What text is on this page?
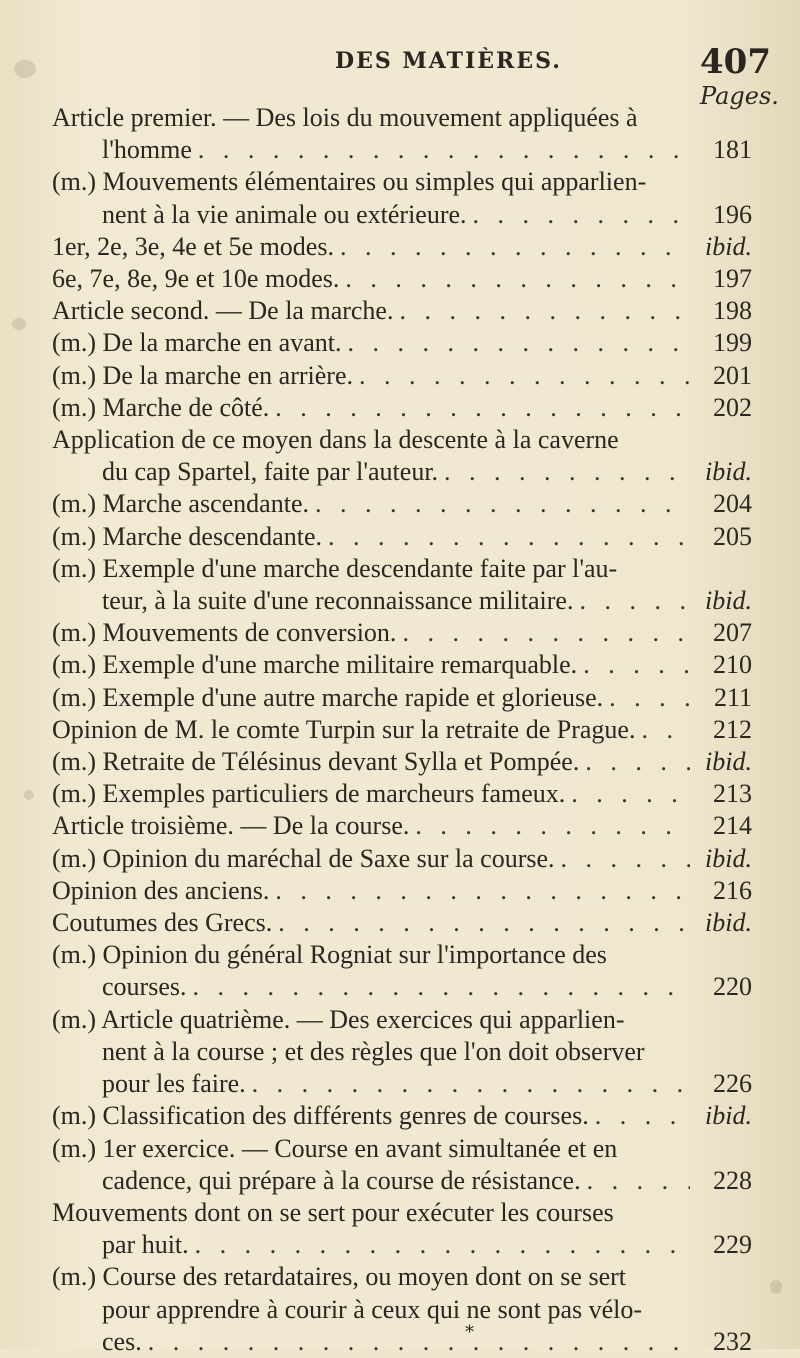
DES MATIÈRES.	407
Pages.
Article premier. — Des lois du mouvement appliquées à
l'homme . . .	181
(m.) Mouvements élémentaires ou simples qui apparlien-
nent à la vie animale ou extérieure. . . .	196
1er, 2e, 3e, 4e et 5e modes. . . .	ibid.
6e, 7e, 8e, 9e et 10e modes. . . .	197
Article second. — De la marche. . . .	198
(m.) De la marche en avant. . . .	199
(m.) De la marche en arrière. . . .	201
(m.) Marche de côté. . . .	202
Application de ce moyen dans la descente à la caverne
du cap Spartel, faite par l'auteur. . . .	ibid.
(m.) Marche ascendante. . . .	204
(m.) Marche descendante. . . .	205
(m.) Exemple d'une marche descendante faite par l'au-
teur, à la suite d'une reconnaissance militaire. . . .	ibid.
(m.) Mouvements de conversion. . . .	207
(m.) Exemple d'une marche militaire remarquable. . . .	210
(m.) Exemple d'une autre marche rapide et glorieuse. . . .	211
Opinion de M. le comte Turpin sur la retraite de Prague. . . .	212
(m.) Retraite de Télésinus devant Sylla et Pompée. . . .	ibid.
(m.) Exemples particuliers de marcheurs fameux. . . .	213
Article troisième. — De la course. . . .	214
(m.) Opinion du maréchal de Saxe sur la course. . . .	ibid.
Opinion des anciens. . . .	216
Coutumes des Grecs. . . .	ibid.
(m.) Opinion du général Rogniat sur l'importance des
courses. . . .	220
(m.) Article quatrième. — Des exercices qui apparlien-
nent à la course ; et des règles que l'on doit observer
pour les faire. . . .	226
(m.) Classification des différents genres de courses. . . .	ibid.
(m.) 1er exercice. — Course en avant simultanée et en
cadence, qui prépare à la course de résistance. . . .	228
Mouvements dont on se sert pour exécuter les courses
par huit. . . .	229
(m.) Course des retardataires, ou moyen dont on se sert
pour apprendre à courir à ceux qui ne sont pas vélo-
ces. . . .	232
*
